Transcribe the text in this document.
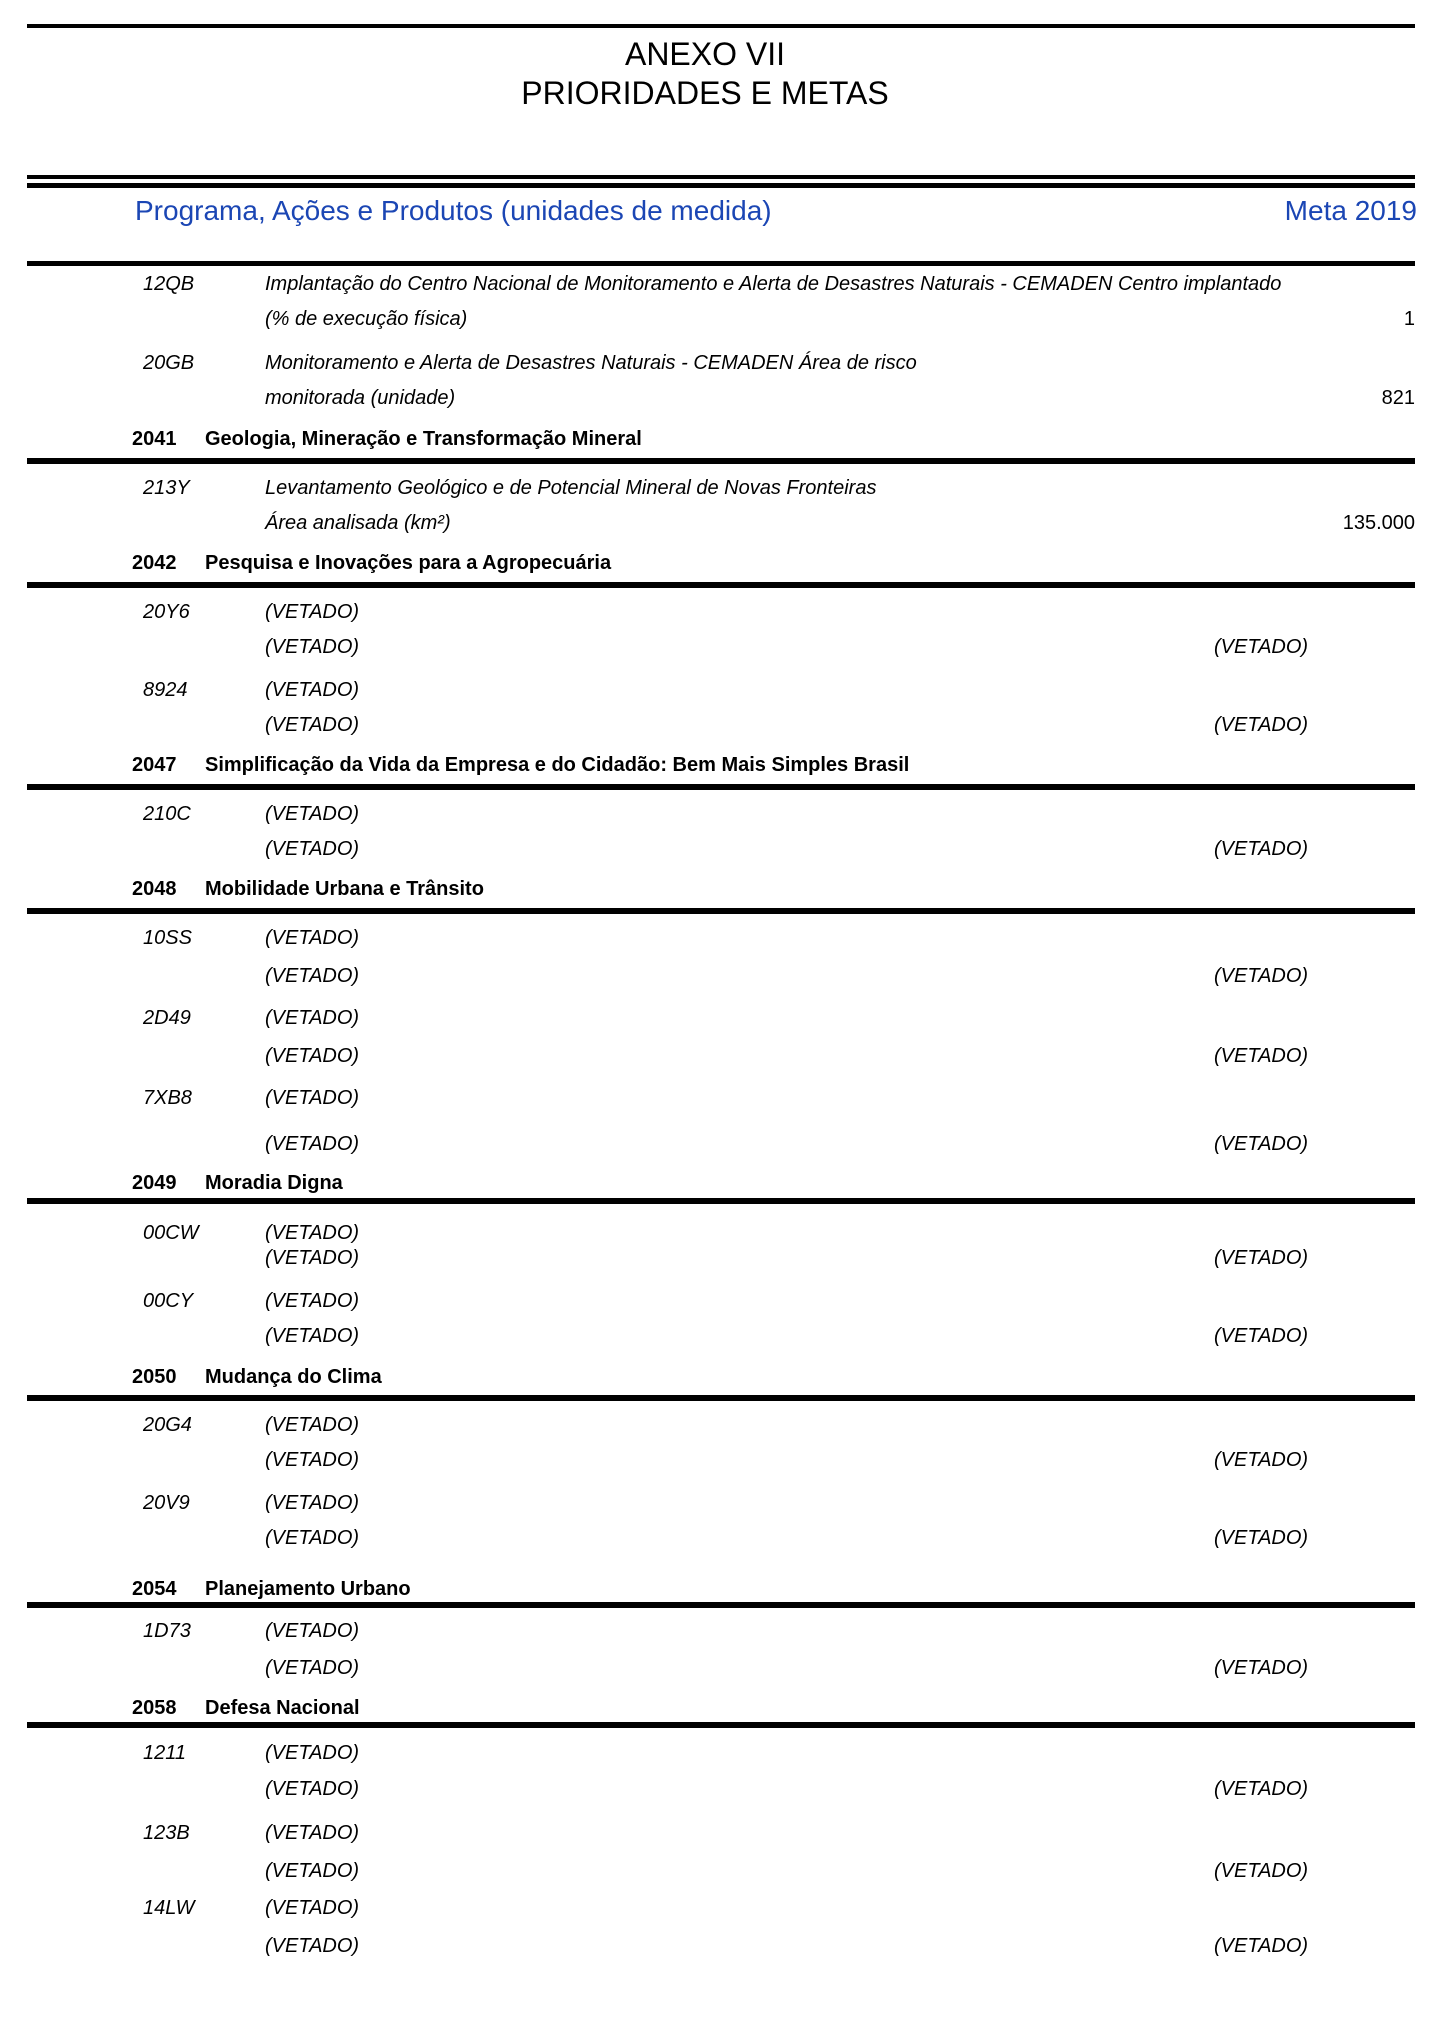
ANEXO VII
PRIORIDADES E METAS
Programa, Ações e Produtos (unidades de medida)	Meta 2019
12QB	Implantação do Centro Nacional de Monitoramento e Alerta de Desastres Naturais - CEMADEN Centro implantado
(% de execução física)	1
20GB	Monitoramento e Alerta de Desastres Naturais - CEMADEN Área de risco
monitorada (unidade)	821
2041 Geologia, Mineração e Transformação Mineral
213Y	Levantamento Geológico e de Potencial Mineral de Novas Fronteiras
Área analisada (km²)	135.000
2042 Pesquisa e Inovações para a Agropecuária
20Y6	(VETADO)
(VETADO)	(VETADO)
8924	(VETADO)
(VETADO)	(VETADO)
2047 Simplificação da Vida da Empresa e do Cidadão: Bem Mais Simples Brasil
210C	(VETADO)
(VETADO)	(VETADO)
2048 Mobilidade Urbana e Trânsito
10SS	(VETADO)
(VETADO)	(VETADO)
2D49	(VETADO)
(VETADO)	(VETADO)
7XB8	(VETADO)
(VETADO)	(VETADO)
2049 Moradia Digna
00CW	(VETADO)
(VETADO)	(VETADO)
00CY	(VETADO)
(VETADO)	(VETADO)
2050 Mudança do Clima
20G4	(VETADO)
(VETADO)	(VETADO)
20V9	(VETADO)
(VETADO)	(VETADO)
2054 Planejamento Urbano
1D73	(VETADO)
(VETADO)	(VETADO)
2058 Defesa Nacional
1211	(VETADO)
(VETADO)	(VETADO)
123B	(VETADO)
(VETADO)	(VETADO)
14LW	(VETADO)
(VETADO)	(VETADO)
